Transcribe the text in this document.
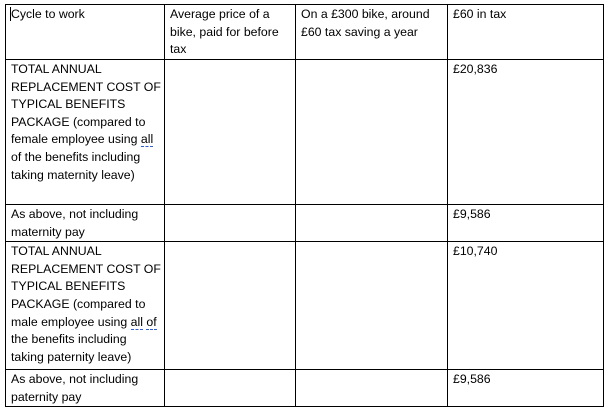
Cycle to work	Average price of a bike, paid for before tax	On a £300 bike, around £60 tax saving a year	£60 in tax
TOTAL ANNUAL REPLACEMENT COST OF TYPICAL BENEFITS PACKAGE (compared to female employee using all of the benefits including taking maternity leave)			£20,836
As above, not including maternity pay			£9,586
TOTAL ANNUAL REPLACEMENT COST OF TYPICAL BENEFITS PACKAGE (compared to male employee using all of the benefits including taking paternity leave)			£10,740
As above, not including paternity pay			£9,586
